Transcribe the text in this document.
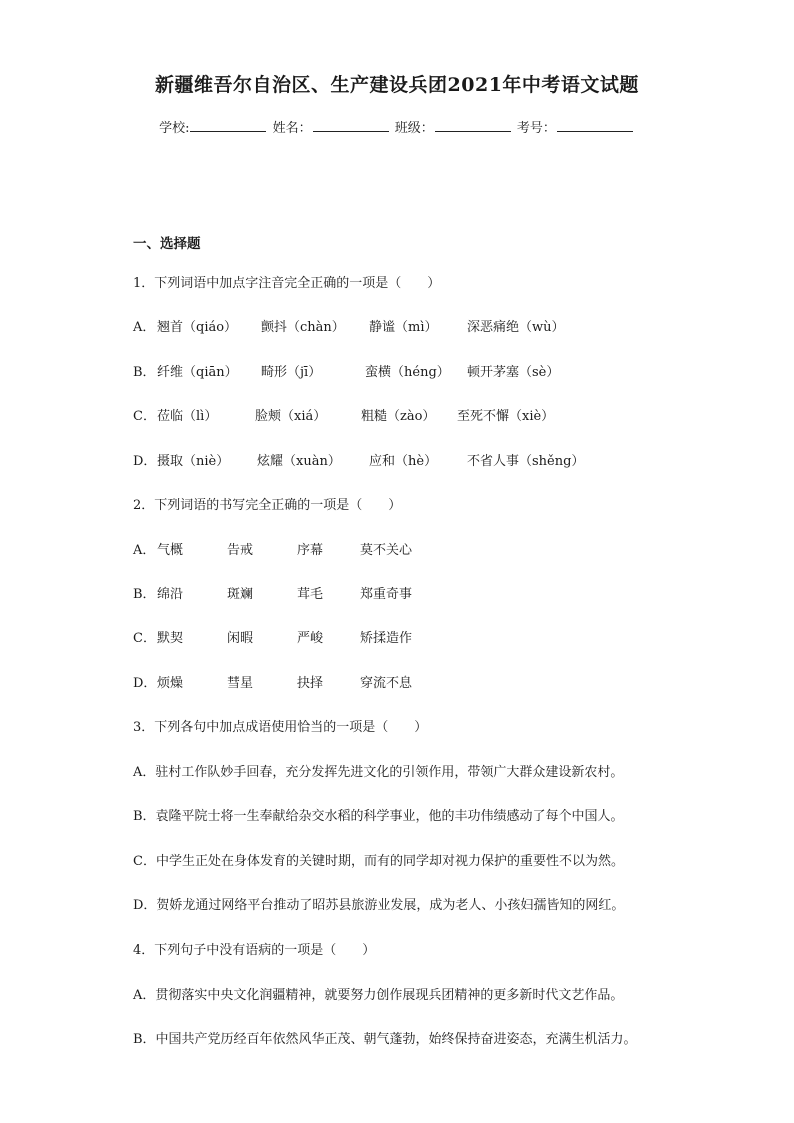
新疆维吾尔自治区、生产建设兵团2021年中考语文试题
学校:	姓名：	班级：	考号：
一、选择题
1．下列词语中加点字注音完全正确的一项是（　　）
A． 翘首（qiáo） 颤抖（chàn） 静谧（mì） 深恶痛绝（wù）
B．纤维（qiān） 畸形（jī）	蛮横（héng） 顿开茅塞（sè）
C．莅临（lì）	脸颊（xiá）	粗糙（zào） 至死不懈（xiè）
D．摄取（niè） 炫耀（xuàn） 应和（hè） 不省人事（shěng）
2．下列词语的书写完全正确的一项是（　　）
A． 气概	告戒	序幕	莫不关心
B．绵沿	斑斓	茸毛	郑重奇事
C．默契	闲暇	严峻	矫揉造作
D．烦燥	彗星	抉择	穿流不息
3．下列各句中加点成语使用恰当的一项是（　　）
A．驻村工作队妙手回春，充分发挥先进文化的引领作用，带领广大群众建设新农村。
B．袁隆平院士将一生奉献给杂交水稻的科学事业，他的丰功伟绩感动了每个中国人。
C．中学生正处在身体发育的关键时期，而有的同学却对视力保护的重要性不以为然。
D．贺娇龙通过网络平台推动了昭苏县旅游业发展，成为老人、小孩妇孺皆知的网红。
4．下列句子中没有语病的一项是（　　）
A．贯彻落实中央文化润疆精神，就要努力创作展现兵团精神的更多新时代文艺作品。
B．中国共产党历经百年依然风华正茂、朝气蓬勃，始终保持奋进姿态，充满生机活力。
